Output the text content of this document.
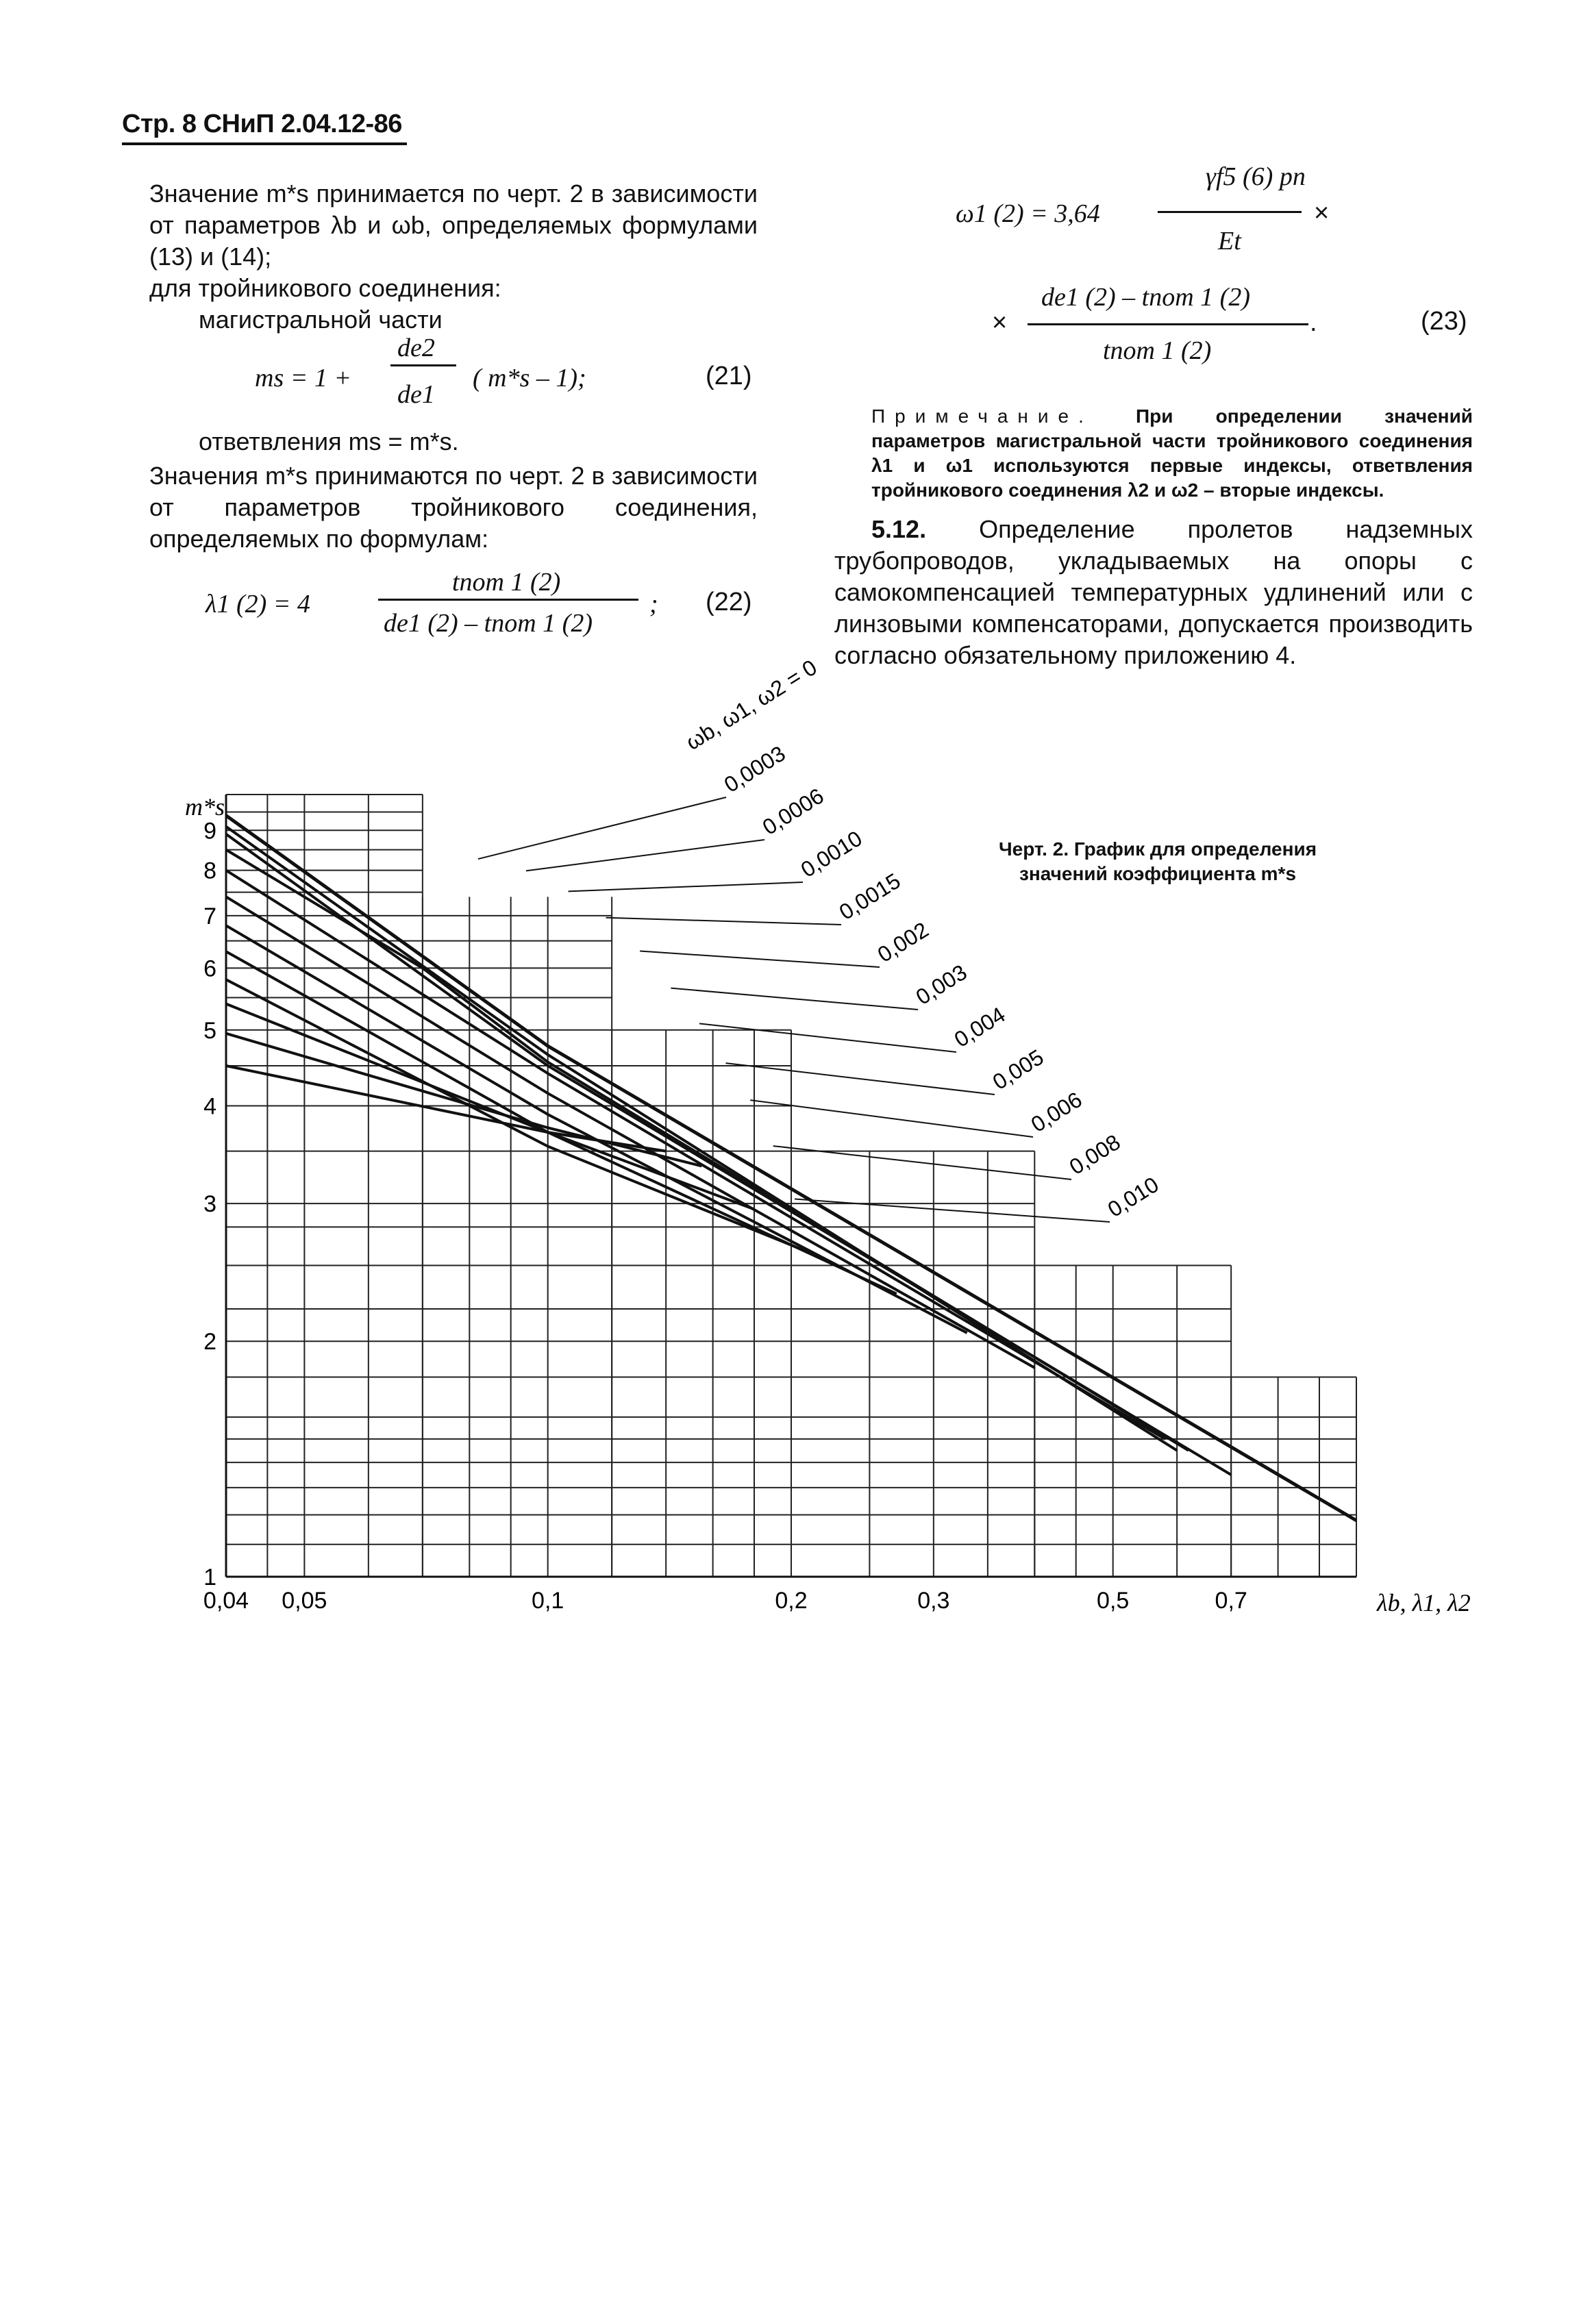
Стр. 8 СНиП 2.04.12-86
Значение m*s принимается по черт. 2 в зависимости от параметров λb и ωb, определяемых формулами (13) и (14);
для тройникового соединения:
магистральной части
ms = 1 +
de2
de1
( m*s – 1);	(21)
ответвления ms = m*s.
Значения m*s принимаются по черт. 2 в зависимости от параметров тройникового соединения, определяемых по формулам:
λ1 (2) = 4
tnom 1 (2)
de1 (2) – tnom 1 (2)
; (22)
ω1 (2) = 3,64
γf5 (6) pn
Et
×
×
de1 (2) – tnom 1 (2)
tnom 1 (2)
.	(23)
Примечание. При определении значений параметров магистральной части тройникового соединения λ1 и ω1 используются первые индексы, ответвления тройникового соединения λ2 и ω2 – вторые индексы.
5.12. Определение пролетов надземных трубопроводов, укладываемых на опоры с самокомпенсацией температурных удлинений или с линзовыми компенсаторами, допускается производить согласно обязательному приложению 4.
Черт. 2. График для определения
значений коэффициента m*s
0,04 0,05	0,1	0,2	0,3	0,5	0,7
1
2
3
4
5
6
7
8
9
λb, λ1, λ2
m*s
ωb, ω1, ω2 = 0
0,0003
0,0006
0,0010
0,0015
0,002
0,003
0,004
0,005
0,006
0,008
0,010
